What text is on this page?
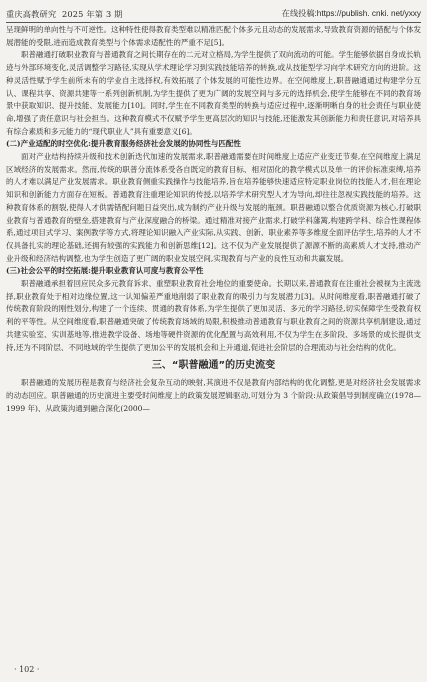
重庆高教研究 2025 年第 3 期	在线投稿:https://publish. cnki. net/yxxy

呈现鲜明的单向性与不可逆性。这种特性使得教育类型难以精准匹配个体多元且动态的发展需求,导致教育资源的错配与个体发展潜能的受限,进而造成教育类型与个体需求适配性的严重不足[5]。

职普融通打破职业教育与普通教育之间长期存在的二元对立格局,为学生提供了双向流动的可能。学生能够依据自身成长轨迹与外部环境变化,灵活调整学习路径,实现从学术理论学习到实践技能培养的转换,或从技能型学习向学术研究方向的进阶。这种灵活性赋予学生前所未有的学业自主选择权,有效拓展了个体发展的可能性边界。在空间维度上,职普融通通过构建学分互认、课程共享、资源共建等一系列创新机制,为学生提供了更为广阔的发展空间与多元的选择机会,使学生能够在不同的教育场景中获取知识、提升技能、发展能力[10]。同时,学生在不同教育类型的转换与适应过程中,逐渐明晰自身的社会责任与职业使命,增强了责任意识与社会担当。这种教育模式不仅赋予学生更高层次的知识与技能,还能激发其创新能力和责任意识,对培养具有综合素质和多元能力的“现代职业人”具有重要意义[6]。

(二)产业适配的时空优化:提升教育服务经济社会发展的协同性与匹配性

面对产业结构持续升级和技术创新迭代加速的发展需求,职普融通需要在时间维度上适应产业变迁节奏,在空间维度上满足区域经济的发展需求。然而,传统的职普分流体系受各自既定的教育目标、相对固化的教学模式以及单一的评价标准束缚,培养的人才难以满足产业发展需求。职业教育侧重实践操作与技能培养,旨在培养能够快速适应特定职业岗位的技能人才,但在理论知识和创新能力方面存在短板。普通教育注重理论知识的传授,以培养学术研究型人才为导向,却往往忽视实践技能的培养。这种教育体系的割裂,使得人才供需错配问题日益突出,成为制约产业升级与发展的瓶颈。职普融通以整合优质资源为核心,打破职业教育与普通教育的壁垒,搭建教育与产业深度融合的桥梁。通过精准对接产业需求,打破学科藩篱,构建跨学科、综合性课程体系,通过项目式学习、案例教学等方式,将理论知识融入产业实际,从实践、创新、职业素养等多维度全面评估学生,培养的人才不仅具备扎实的理论基础,还拥有较强的实践能力和创新思维[12]。这不仅为产业发展提供了源源不断的高素质人才支持,推动产业升级和经济结构调整,也为学生创造了更广阔的职业发展空间,实现教育与产业的良性互动和共赢发展。

(三)社会公平的时空拓展:提升职业教育认可度与教育公平性

职普融通承担着回应民众多元教育诉求、重塑职业教育社会地位的重要使命。长期以来,普通教育在注重社会被视为主流选择,职业教育处于相对边缘位置,这一认知偏差严重地削弱了职业教育的吸引力与发展潜力[3]。从时间维度看,职普融通打破了传统教育阶段的刚性划分,构建了一个连续、贯通的教育体系,为学生提供了更加灵活、多元的学习路径,切实保障学生受教育权利的平等性。从空间维度看,职普融通突破了传统教育场域的局限,积极推动普通教育与职业教育之间的资源共享机制建设,通过共建实验室、实训基地等,推进教学设备、场地等硬件资源的优化配置与高效利用,不仅为学生在多阶段、多场景的成长提供支持,还为不同阶层、不同地域的学生提供了更加公平的发展机会和上升通道,促进社会阶层的合理流动与社会结构的优化。

三、“职普融通”的历史流变

职普融通的发展历程是教育与经济社会复杂互动的映射,其演进不仅是教育内部结构的优化调整,更是对经济社会发展需求的动态回应。职普融通的历史演进主要受时间维度上的政策发展逻辑驱动,可划分为 3 个阶段:从政策倡导到制度确立(1978—1999 年)、从政策沟通到融合深化(2000—

· 102 ·
